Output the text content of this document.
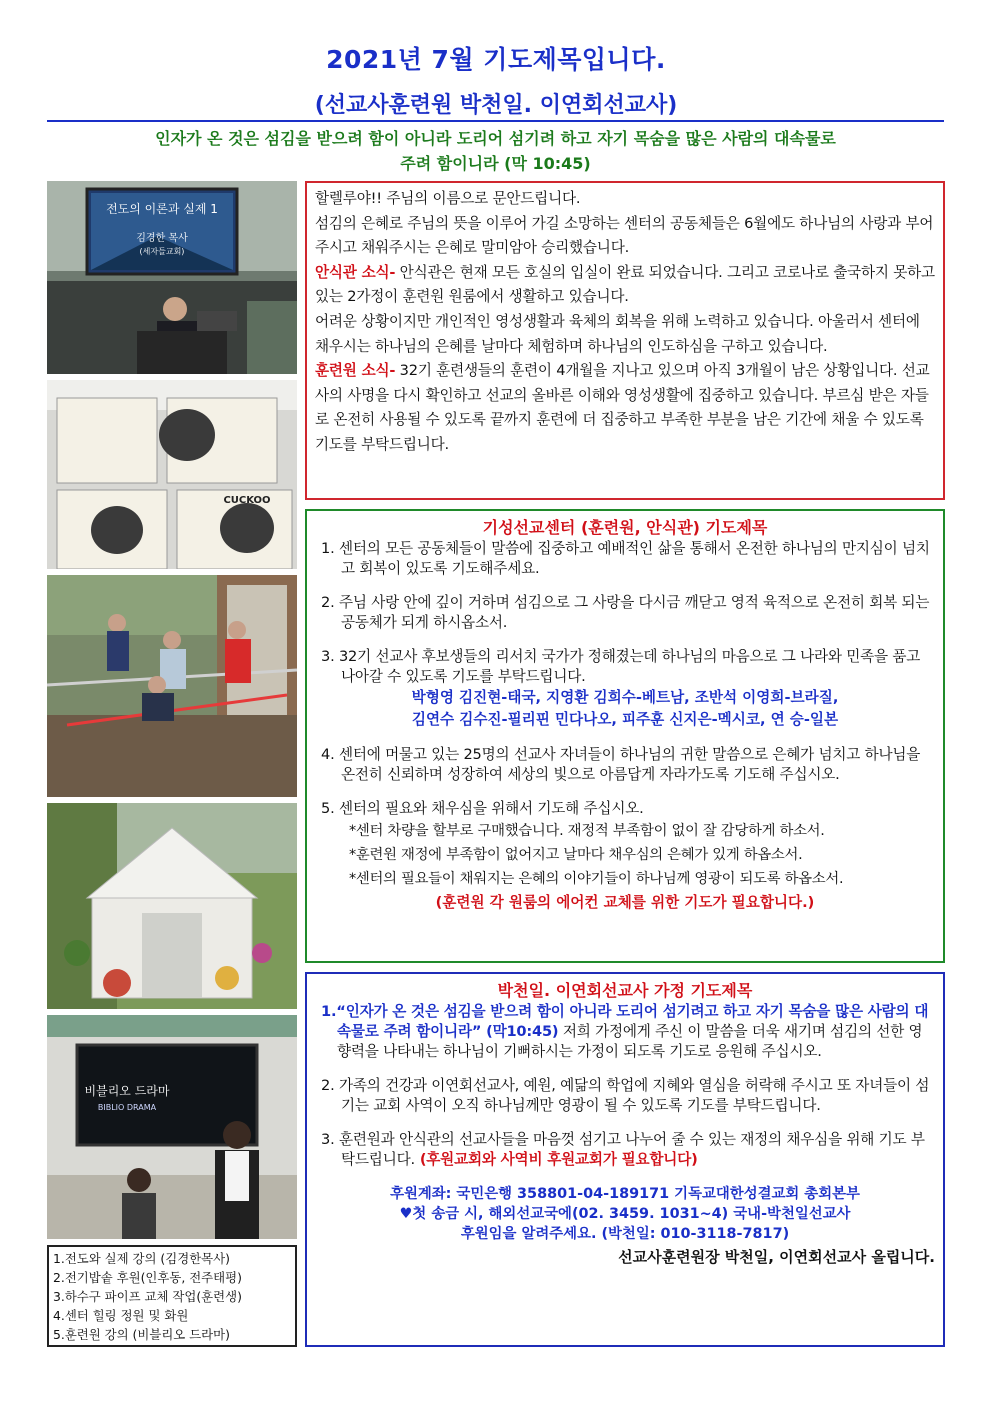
2021년 7월 기도제목입니다.
(선교사훈련원 박천일. 이연회선교사)
인자가 온 것은 섬김을 받으려 함이 아니라 도리어 섬기려 하고 자기 목숨을 많은 사람의 대속물로
주려 함이니라 (막 10:45)
전도의 이론과 실제 1
김경한 목사
(세자들교회)
CUCKOO
비블리오 드라마
BIBLIO DRAMA
1.전도와 실제 강의 (김경한목사)
2.전기밥솥 후원(인후동, 전주태평)
3.하수구 파이프 교체 작업(훈련생)
4.센터 힐링 정원 및 화원
5.훈련원 강의 (비블리오 드라마)

할렐루야!! 주님의 이름으로 문안드립니다.

섬김의 은혜로 주님의 뜻을 이루어 가길 소망하는 센터의 공동체들은 6월에도 하나님의 사랑과 부어주시고 채워주시는 은혜로 말미암아 승리했습니다.

안식관 소식- 안식관은 현재 모든 호실의 입실이 완료 되었습니다. 그리고 코로나로 출국하지 못하고 있는 2가정이 훈련원 원룸에서 생활하고 있습니다.

어려운 상황이지만 개인적인 영성생활과 육체의 회복을 위해 노력하고 있습니다. 아울러서 센터에 채우시는 하나님의 은혜를 날마다 체험하며 하나님의 인도하심을 구하고 있습니다.

훈련원 소식- 32기 훈련생들의 훈련이 4개월을 지나고 있으며 아직 3개월이 남은 상황입니다. 선교사의 사명을 다시 확인하고 선교의 올바른 이해와 영성생활에 집중하고 있습니다. 부르심 받은 자들로 온전히 사용될 수 있도록 끝까지 훈련에 더 집중하고 부족한 부분을 남은 기간에 채울 수 있도록 기도를 부탁드립니다.

기성선교센터 (훈련원, 안식관) 기도제목

1. 센터의 모든 공동체들이 말씀에 집중하고 예배적인 삶을 통해서 온전한 하나님의 만지심이 넘치고 회복이 있도록 기도해주세요.

2. 주님 사랑 안에 깊이 거하며 섬김으로 그 사랑을 다시금 깨닫고 영적 육적으로 온전히 회복 되는 공동체가 되게 하시옵소서.

3. 32기 선교사 후보생들의 리서치 국가가 정해졌는데 하나님의 마음으로 그 나라와 민족을 품고 나아갈 수 있도록 기도를 부탁드립니다.

박형영 김진현-태국, 지영환 김희수-베트남, 조반석 이영희-브라질,

김연수 김수진-필리핀 민다나오, 피주훈 신지은-멕시코, 연 승-일본

4. 센터에 머물고 있는 25명의 선교사 자녀들이 하나님의 귀한 말씀으로 은혜가 넘치고 하나님을 온전히 신뢰하며 성장하여 세상의 빛으로 아름답게 자라가도록 기도해 주십시오.

5. 센터의 필요와 채우심을 위해서 기도해 주십시오.

*센터 차량을 할부로 구매했습니다. 재정적 부족함이 없이 잘 감당하게 하소서.

*훈련원 재정에 부족함이 없어지고 날마다 채우심의 은혜가 있게 하옵소서.

*센터의 필요들이 채워지는 은혜의 이야기들이 하나님께 영광이 되도록 하옵소서.

(훈련원 각 원룸의 에어컨 교체를 위한 기도가 필요합니다.)

박천일. 이연회선교사 가정 기도제목

1.“인자가 온 것은 섬김을 받으려 함이 아니라 도리어 섬기려고 하고 자기 목숨을 많은 사람의 대속물로 주려 함이니라” (막10:45) 저희 가정에게 주신 이 말씀을 더욱 새기며 섬김의 선한 영향력을 나타내는 하나님이 기뻐하시는 가정이 되도록 기도로 응원해 주십시오.

2. 가족의 건강과 이연회선교사, 예원, 예닮의 학업에 지혜와 열심을 허락해 주시고 또 자녀들이 섬기는 교회 사역이 오직 하나님께만 영광이 될 수 있도록 기도를 부탁드립니다.

3. 훈련원과 안식관의 선교사들을 마음껏 섬기고 나누어 줄 수 있는 재정의 채우심을 위해 기도 부탁드립니다. (후원교회와 사역비 후원교회가 필요합니다)

후원계좌: 국민은행 358801-04-189171 기독교대한성결교회 총회본부

♥첫 송금 시, 해외선교국에(02. 3459. 1031~4) 국내-박천일선교사

후원임을 알려주세요. (박천일: 010-3118-7817)

선교사훈련원장 박천일, 이연회선교사 올립니다.
